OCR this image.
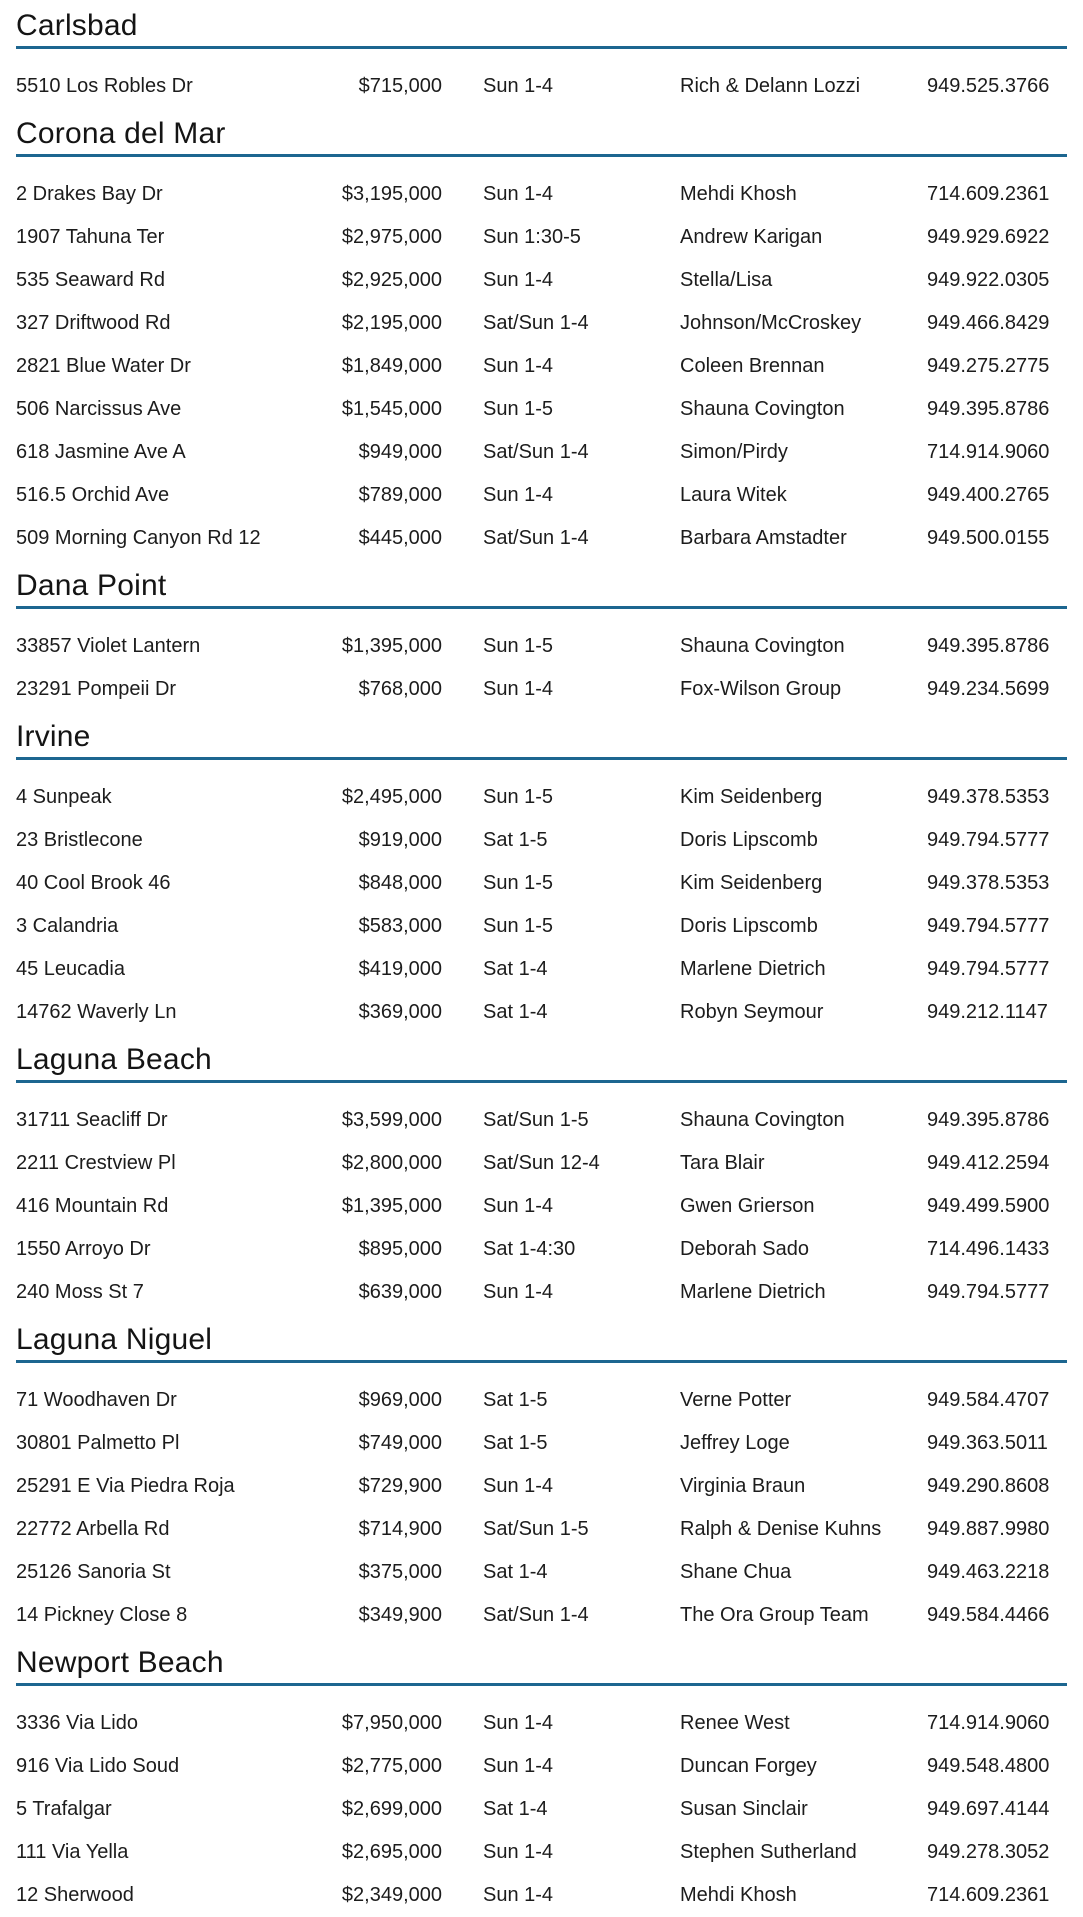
Carlsbad
5510 Los Robles Dr	$715,000	Sun 1-4	Rich & Delann Lozzi	949.525.3766
Corona del Mar
2 Drakes Bay Dr	$3,195,000	Sun 1-4	Mehdi Khosh	714.609.2361
1907 Tahuna Ter	$2,975,000	Sun 1:30-5	Andrew Karigan	949.929.6922
535 Seaward Rd	$2,925,000	Sun 1-4	Stella/Lisa	949.922.0305
327 Driftwood Rd	$2,195,000	Sat/Sun 1-4	Johnson/McCroskey	949.466.8429
2821 Blue Water Dr	$1,849,000	Sun 1-4	Coleen Brennan	949.275.2775
506 Narcissus Ave	$1,545,000	Sun 1-5	Shauna Covington	949.395.8786
618 Jasmine Ave A	$949,000	Sat/Sun 1-4	Simon/Pirdy	714.914.9060
516.5 Orchid Ave	$789,000	Sun 1-4	Laura Witek	949.400.2765
509 Morning Canyon Rd 12	$445,000	Sat/Sun 1-4	Barbara Amstadter	949.500.0155
Dana Point
33857 Violet Lantern	$1,395,000	Sun 1-5	Shauna Covington	949.395.8786
23291 Pompeii Dr	$768,000	Sun 1-4	Fox-Wilson Group	949.234.5699
Irvine
4 Sunpeak	$2,495,000	Sun 1-5	Kim Seidenberg	949.378.5353
23 Bristlecone	$919,000	Sat 1-5	Doris Lipscomb	949.794.5777
40 Cool Brook 46	$848,000	Sun 1-5	Kim Seidenberg	949.378.5353
3 Calandria	$583,000	Sun 1-5	Doris Lipscomb	949.794.5777
45 Leucadia	$419,000	Sat 1-4	Marlene Dietrich	949.794.5777
14762 Waverly Ln	$369,000	Sat 1-4	Robyn Seymour	949.212.1147
Laguna Beach
31711 Seacliff Dr	$3,599,000	Sat/Sun 1-5	Shauna Covington	949.395.8786
2211 Crestview Pl	$2,800,000	Sat/Sun 12-4	Tara Blair	949.412.2594
416 Mountain Rd	$1,395,000	Sun 1-4	Gwen Grierson	949.499.5900
1550 Arroyo Dr	$895,000	Sat 1-4:30	Deborah Sado	714.496.1433
240 Moss St 7	$639,000	Sun 1-4	Marlene Dietrich	949.794.5777
Laguna Niguel
71 Woodhaven Dr	$969,000	Sat 1-5	Verne Potter	949.584.4707
30801 Palmetto Pl	$749,000	Sat 1-5	Jeffrey Loge	949.363.5011
25291 E Via Piedra Roja	$729,900	Sun 1-4	Virginia Braun	949.290.8608
22772 Arbella Rd	$714,900	Sat/Sun 1-5	Ralph & Denise Kuhns	949.887.9980
25126 Sanoria St	$375,000	Sat 1-4	Shane Chua	949.463.2218
14 Pickney Close 8	$349,900	Sat/Sun 1-4	The Ora Group Team	949.584.4466
Newport Beach
3336 Via Lido	$7,950,000	Sun 1-4	Renee West	714.914.9060
916 Via Lido Soud	$2,775,000	Sun 1-4	Duncan Forgey	949.548.4800
5 Trafalgar	$2,699,000	Sat 1-4	Susan Sinclair	949.697.4144
111 Via Yella	$2,695,000	Sun 1-4	Stephen Sutherland	949.278.3052
12 Sherwood	$2,349,000	Sun 1-4	Mehdi Khosh	714.609.2361
